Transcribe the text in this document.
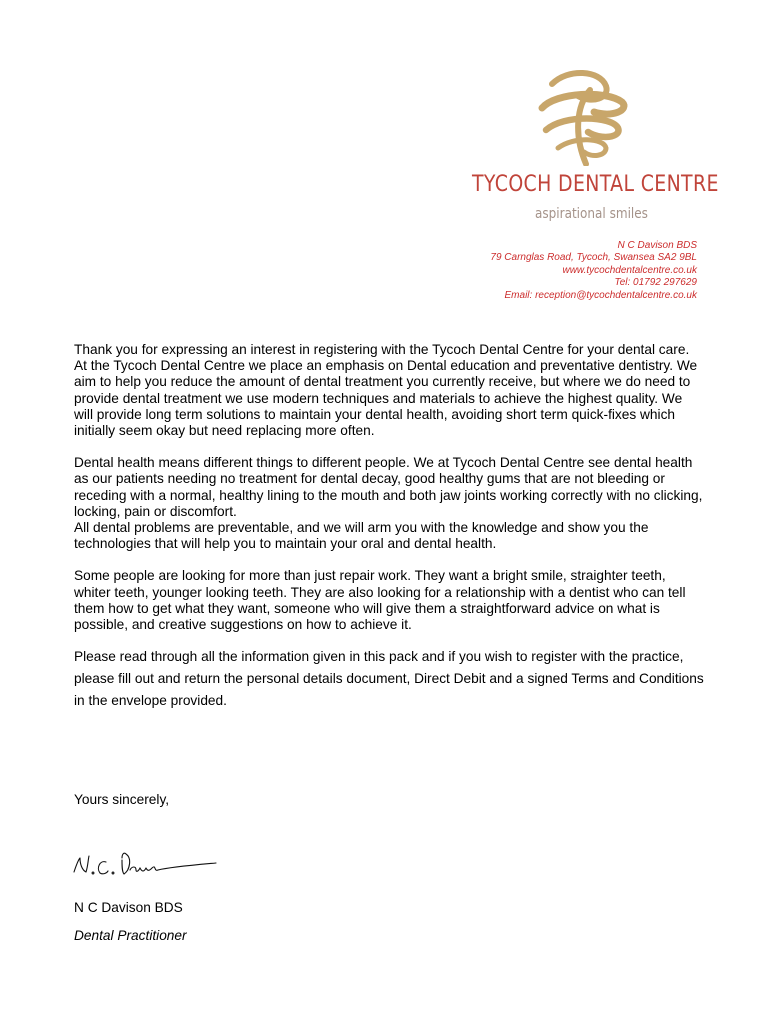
TYCOCH DENTAL CENTRE
aspirational smiles
N C Davison BDS
79 Carnglas Road, Tycoch, Swansea SA2 9BL
www.tycochdentalcentre.co.uk
Tel: 01792 297629
Email: reception@tycochdentalcentre.co.uk

Thank you for expressing an interest in registering with the Tycoch Dental Centre for your dental care. At the Tycoch Dental Centre we place an emphasis on Dental education and preventative dentistry. We aim to help you reduce the amount of dental treatment you currently receive, but where we do need to provide dental treatment we use modern techniques and materials to achieve the highest quality. We will provide long term solutions to maintain your dental health, avoiding short term quick-fixes which initially seem okay but need replacing more often.

Dental health means different things to different people. We at Tycoch Dental Centre see dental health as our patients needing no treatment for dental decay, good healthy gums that are not bleeding or receding with a normal, healthy lining to the mouth and both jaw joints working correctly with no clicking, locking, pain or discomfort.
All dental problems are preventable, and we will arm you with the knowledge and show you the technologies that will help you to maintain your oral and dental health.

Some people are looking for more than just repair work. They want a bright smile, straighter teeth, whiter teeth, younger looking teeth. They are also looking for a relationship with a dentist who can tell them how to get what they want, someone who will give them a straightforward advice on what is possible, and creative suggestions on how to achieve it.

Please read through all the information given in this pack and if you wish to register with the practice, please fill out and return the personal details document, Direct Debit and a signed Terms and Conditions in the envelope provided.

Yours sincerely,
N C Davison BDS
Dental Practitioner
